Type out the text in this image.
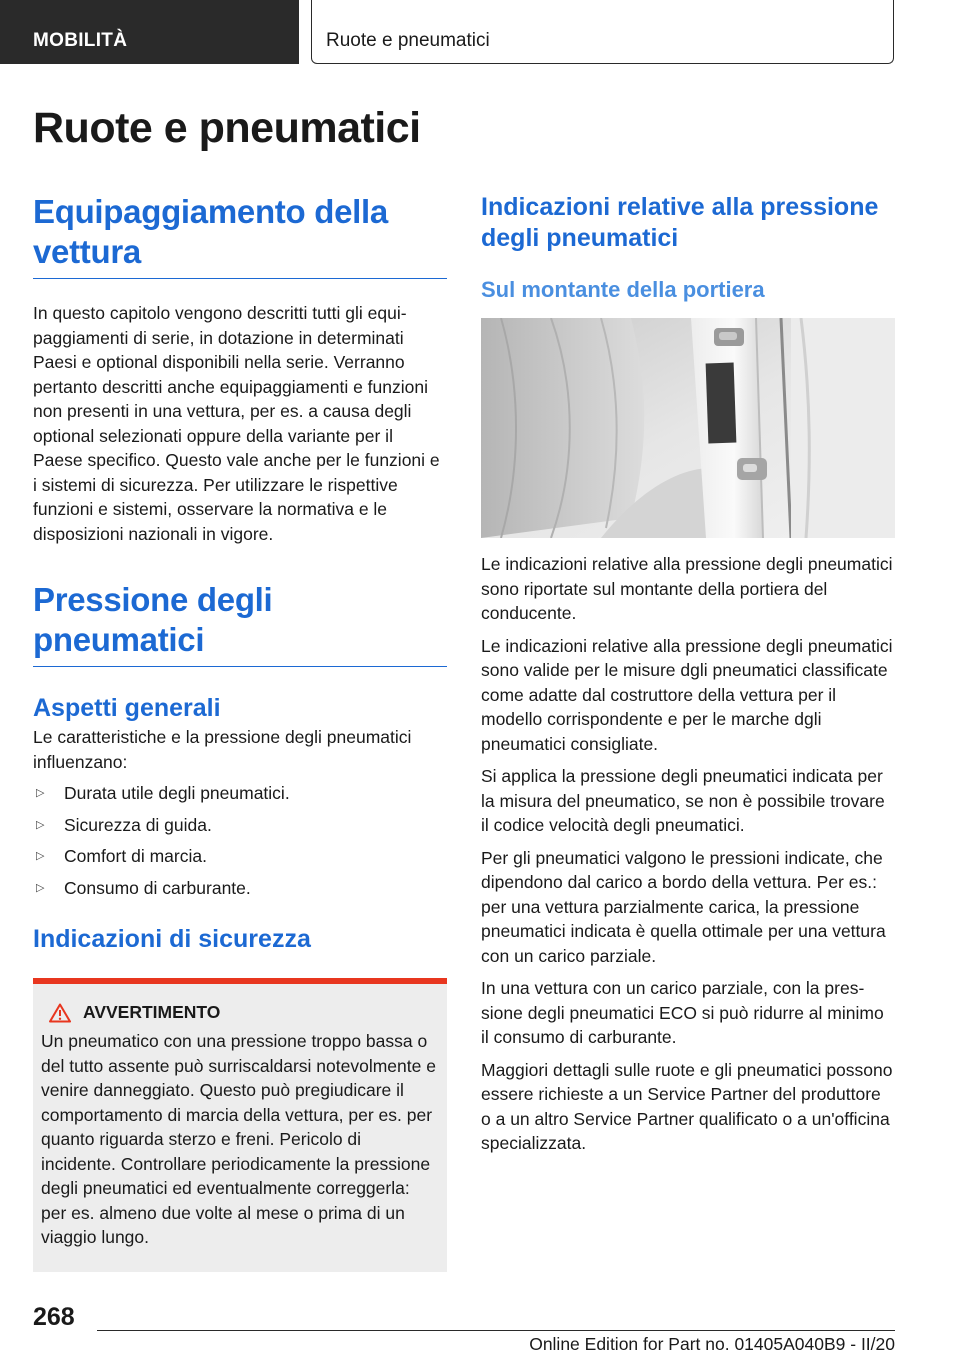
MOBILITÀ	Ruote e pneumatici
Ruote e pneumatici
Equipaggiamento della vettura

In questo capitolo vengono descritti tutti gli equipaggiamenti di serie, in dotazione in determinati Paesi e optional disponibili nella serie. Verranno pertanto descritti anche equipaggiamenti e funzioni non presenti in una vettura, per es. a causa degli optional selezionati oppure della variante per il Paese specifico. Questo vale anche per le funzioni e i sistemi di sicurezza. Per utilizzare le rispettive funzioni e sistemi, osservare la normativa e le disposizioni nazionali in vigore.

Pressione degli pneumatici
Aspetti generali

Le caratteristiche e la pressione degli pneumatici influenzano:

▷	Durata utile degli pneumatici.
▷	Sicurezza di guida.
▷	Comfort di marcia.
▷	Consumo di carburante.
Indicazioni di sicurezza
AVVERTIMENTO

Un pneumatico con una pressione troppo bassa o del tutto assente può surriscaldarsi notevolmente e venire danneggiato. Questo può pregiudicare il comportamento di marcia della vettura, per es. per quanto riguarda sterzo e freni. Pericolo di incidente. Controllare periodicamente la pressione degli pneumatici ed eventualmente correggerla: per es. almeno due volte al mese o prima di un viaggio lungo.

Indicazioni relative alla pressione degli pneumatici
Sul montante della portiera

Le indicazioni relative alla pressione degli pneumatici sono riportate sul montante della portiera del conducente.

Le indicazioni relative alla pressione degli pneumatici sono valide per le misure dgli pneumatici classificate come adatte dal costruttore della vettura per il modello corrispondente e per le marche dgli pneumatici consigliate.

Si applica la pressione degli pneumatici indicata per la misura del pneumatico, se non è possibile trovare il codice velocità degli pneumatici.

Per gli pneumatici valgono le pressioni indicate, che dipendono dal carico a bordo della vettura. Per es.: per una vettura parzialmente carica, la pressione pneumatici indicata è quella ottimale per una vettura con un carico parziale.

In una vettura con un carico parziale, con la pressione degli pneumatici ECO si può ridurre al minimo il consumo di carburante.

Maggiori dettagli sulle ruote e gli pneumatici possono essere richieste a un Service Partner del produttore o a un altro Service Partner qualificato o a un'officina specializzata.

268
Online Edition for Part no. 01405A040B9 - II/20
